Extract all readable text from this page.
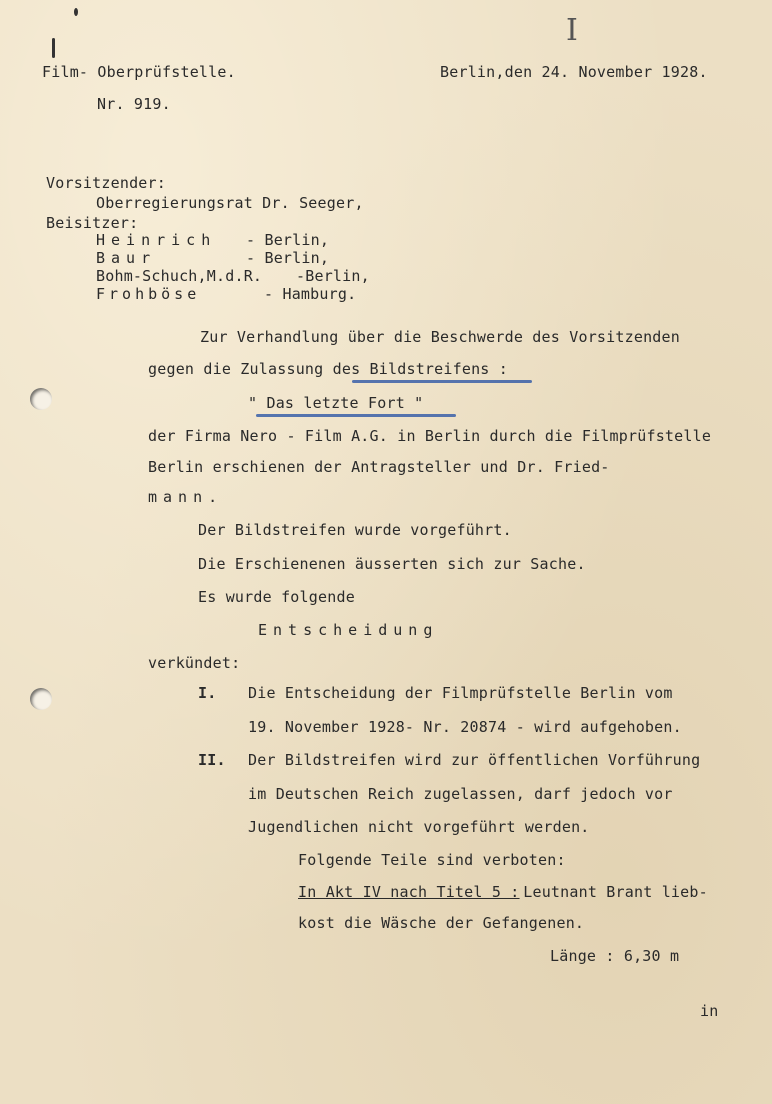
I
Film- Oberprüfstelle.	Berlin,den 24. November 1928.
Nr. 919.
Vorsitzender:
Oberregierungsrat Dr. Seeger,
Beisitzer:
Heinrich - Berlin,
Baur	- Berlin,
Bohm-Schuch,M.d.R. -Berlin,
Frohböse	- Hamburg.
Zur Verhandlung über die Beschwerde des Vorsitzenden
gegen die Zulassung des Bildstreifens :
" Das letzte Fort "
der Firma Nero - Film A.G. in Berlin durch die Filmprüfstelle
Berlin erschienen der Antragsteller und Dr. Fried-
mann.
Der Bildstreifen wurde vorgeführt.
Die Erschienenen äusserten sich zur Sache.
Es wurde folgende
Entscheidung
verkündet:
I. Die Entscheidung der Filmprüfstelle Berlin vom
19. November 1928- Nr. 20874 - wird aufgehoben.
II. Der Bildstreifen wird zur öffentlichen Vorführung
im Deutschen Reich zugelassen, darf jedoch vor
Jugendlichen nicht vorgeführt werden.
Folgende Teile sind verboten:
In Akt IV nach Titel 5 :
Leutnant Brant lieb-
kost die Wäsche der Gefangenen.
Länge : 6,30 m
in
